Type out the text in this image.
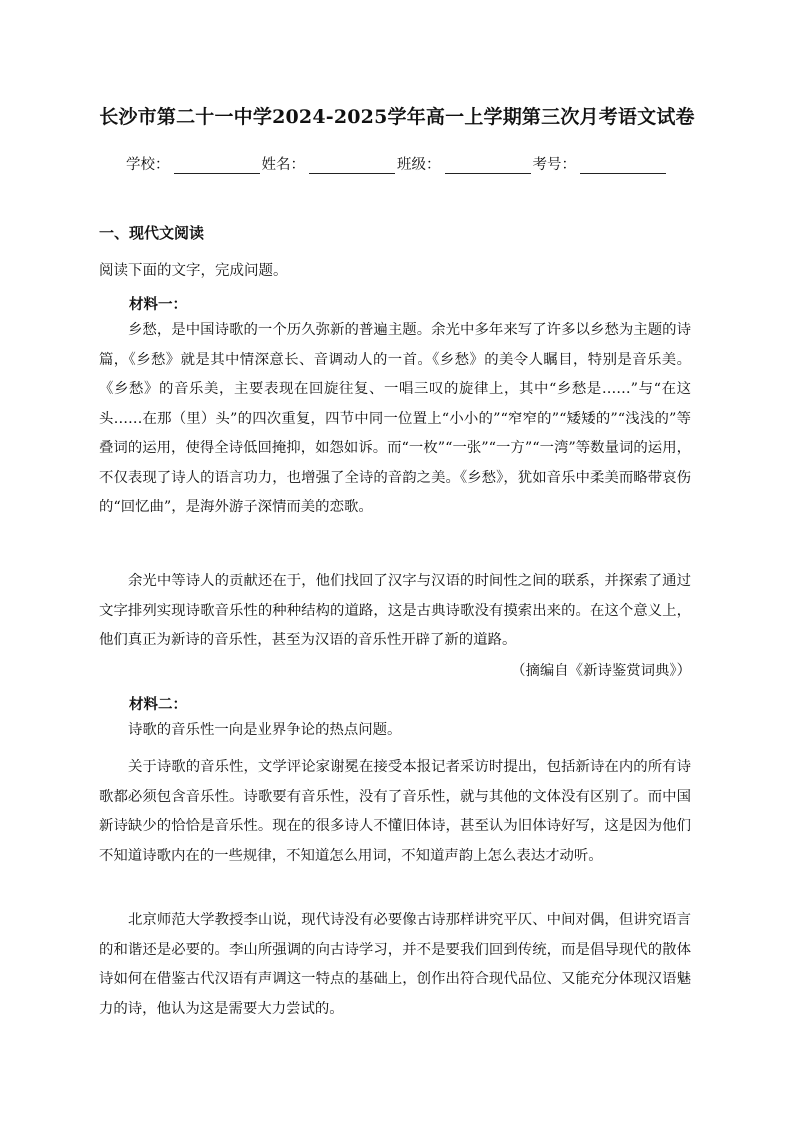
长沙市第二十一中学2024-2025学年高一上学期第三次月考语文试卷
学校：	姓名：	班级：	考号：
一、现代文阅读
阅读下面的文字，完成问题。
材料一：

乡愁，是中国诗歌的一个历久弥新的普遍主题。余光中多年来写了许多以乡愁为主题的诗篇，《乡愁》就是其中情深意长、音调动人的一首。《乡愁》的美令人瞩目，特别是音乐美。《乡愁》的音乐美，主要表现在回旋往复、一唱三叹的旋律上，其中“乡愁是……”与“在这头……在那（里）头”的四次重复，四节中同一位置上“小小的”“窄窄的”“矮矮的”“浅浅的”等叠词的运用，使得全诗低回掩抑，如怨如诉。而“一枚”“一张”“一方”“一湾”等数量词的运用，不仅表现了诗人的语言功力，也增强了全诗的音韵之美。《乡愁》，犹如音乐中柔美而略带哀伤的“回忆曲”，是海外游子深情而美的恋歌。

余光中等诗人的贡献还在于，他们找回了汉字与汉语的时间性之间的联系，并探索了通过文字排列实现诗歌音乐性的种种结构的道路，这是古典诗歌没有摸索出来的。在这个意义上，他们真正为新诗的音乐性，甚至为汉语的音乐性开辟了新的道路。

（摘编自《新诗鉴赏词典》）
材料二：

诗歌的音乐性一向是业界争论的热点问题。

关于诗歌的音乐性，文学评论家谢冕在接受本报记者采访时提出，包括新诗在内的所有诗歌都必须包含音乐性。诗歌要有音乐性，没有了音乐性，就与其他的文体没有区别了。而中国新诗缺少的恰恰是音乐性。现在的很多诗人不懂旧体诗，甚至认为旧体诗好写，这是因为他们不知道诗歌内在的一些规律，不知道怎么用词，不知道声韵上怎么表达才动听。

北京师范大学教授李山说，现代诗没有必要像古诗那样讲究平仄、中间对偶，但讲究语言的和谐还是必要的。李山所强调的向古诗学习，并不是要我们回到传统，而是倡导现代的散体诗如何在借鉴古代汉语有声调这一特点的基础上，创作出符合现代品位、又能充分体现汉语魅力的诗，他认为这是需要大力尝试的。
